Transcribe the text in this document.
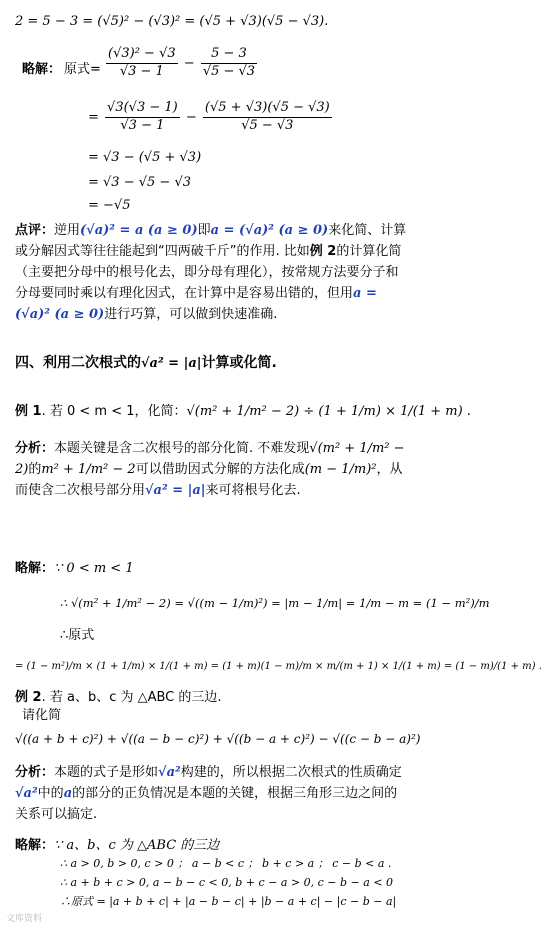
2 = 5 − 3 = (√5)² − (√3)² = (√5 + √3)(√5 − √3).
略解： 原式= $\frac{\text{(√3)² − √3}}{√3 - 1} - \frac{5 - 3}{√5 - √3}$
= $\frac{√3(√3 - 1)}{√3 - 1} - \frac{(√5 + √3)(√5 - √3)}{√5 - √3}$
= √3 − (√5 + √3)
= √3 − √5 − √3
= −√5
点评：逆用(√a)² = a (a ≥ 0)即a = (√a)² (a ≥ 0)来化简、计算或分解因式等往往能起到“四两破千斤”的作用. 比如例 2的计算化简（主要把分母中的根号化去，即分母有理化），按常规方法要分子和分母要同时乘以有理化因式，在计算中是容易出错的，但用a = (√a)² (a ≥ 0)进行巧算，可以做到快速准确.
四、利用二次根式的√a² = |a|计算或化简.
例 1. 若 0 < m < 1，化简：√(m² + 1/m² − 2) ÷ (1 + 1/m) × 1/(1 + m) .
分析：本题关键是含二次根号的部分化简. 不难发现√(m² + 1/m² − 2)的m² + 1/m² − 2可以借助因式分解的方法化成(m − 1/m)²，从而使含二次根号部分用√a² = |a|来可将根号化去.
略解：∵ 0 < m < 1
∴ √(m² + 1/m² − 2) = √((m − 1/m)²) = |m − 1/m| = 1/m − m = (1 − m²)/m
∴原式
= (1 − m²)/m × (1 + 1/m) × 1/(1 + m) = (1 + m)(1 − m)/m × m/(m + 1) × 1/(1 + m) = (1 − m)/(1 + m) .
例 2. 若 a、b、c 为 △ABC 的三边.
请化简
√((a + b + c)²) + √((a − b − c)²) + √((b − a + c)²) − √((c − b − a)²)
分析：本题的式子是形如√a²构建的，所以根据二次根式的性质确定√a²中的a的部分的正负情况是本题的关键，根据三角形三边之间的关系可以搞定.
略解：∵ a、b、c 为 △ABC 的三边
∴ a > 0, b > 0, c > 0 ； a − b < c ； b + c > a ； c − b < a .
∴ a + b + c > 0, a − b − c < 0, b + c − a > 0, c − b − a < 0
∴原式 = |a + b + c| + |a − b − c| + |b − a + c| − |c − b − a|
文库资料
